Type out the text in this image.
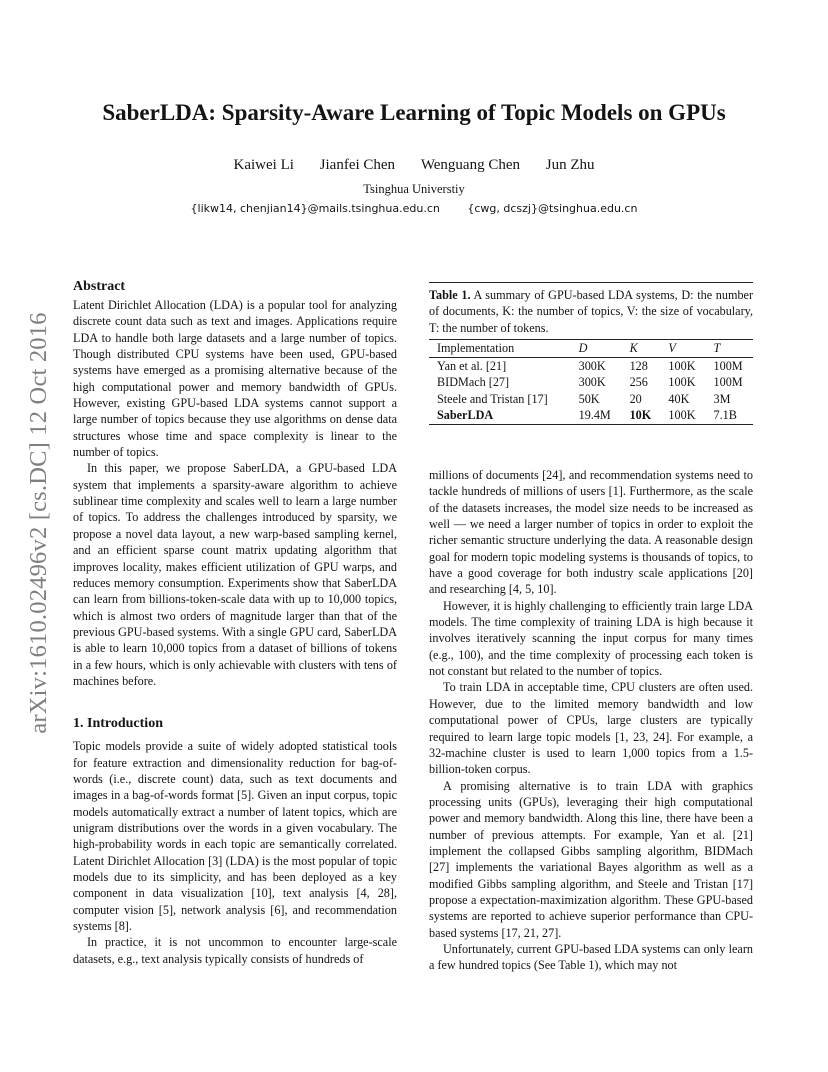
arXiv:1610.02496v2 [cs.DC] 12 Oct 2016
SaberLDA: Sparsity-Aware Learning of Topic Models on GPUs
Kaiwei Li Jianfei Chen Wenguang Chen Jun Zhu
Tsinghua Universtiy
{likw14, chenjian14}@mails.tsinghua.edu.cn	{cwg, dcszj}@tsinghua.edu.cn
Abstract

Latent Dirichlet Allocation (LDA) is a popular tool for analyzing discrete count data such as text and images. Applications require LDA to handle both large datasets and a large number of topics. Though distributed CPU systems have been used, GPU-based systems have emerged as a promising alternative because of the high computational power and memory bandwidth of GPUs. However, existing GPU-based LDA systems cannot support a large number of topics because they use algorithms on dense data structures whose time and space complexity is linear to the number of topics.

In this paper, we propose SaberLDA, a GPU-based LDA system that implements a sparsity-aware algorithm to achieve sublinear time complexity and scales well to learn a large number of topics. To address the challenges introduced by sparsity, we propose a novel data layout, a new warp-based sampling kernel, and an efficient sparse count matrix updating algorithm that improves locality, makes efficient utilization of GPU warps, and reduces memory consumption. Experiments show that SaberLDA can learn from billions-token-scale data with up to 10,000 topics, which is almost two orders of magnitude larger than that of the previous GPU-based systems. With a single GPU card, SaberLDA is able to learn 10,000 topics from a dataset of billions of tokens in a few hours, which is only achievable with clusters with tens of machines before.

1. Introduction

Topic models provide a suite of widely adopted statistical tools for feature extraction and dimensionality reduction for bag-of-words (i.e., discrete count) data, such as text documents and images in a bag-of-words format [5]. Given an input corpus, topic models automatically extract a number of latent topics, which are unigram distributions over the words in a given vocabulary. The high-probability words in each topic are semantically correlated. Latent Dirichlet Allocation [3] (LDA) is the most popular of topic models due to its simplicity, and has been deployed as a key component in data visualization [10], text analysis [4, 28], computer vision [5], network analysis [6], and recommendation systems [8].

In practice, it is not uncommon to encounter large-scale datasets, e.g., text analysis typically consists of hundreds of

Table 1. A summary of GPU-based LDA systems, D: the number of documents, K: the number of topics, V: the size of vocabulary, T: the number of tokens.
Implementation	D	K	V	T
Yan et al. [21]	300K	128	100K	100M
BIDMach [27]	300K	256	100K	100M
Steele and Tristan [17]	50K	20	40K	3M
SaberLDA	19.4M	10K	100K	7.1B

millions of documents [24], and recommendation systems need to tackle hundreds of millions of users [1]. Furthermore, as the scale of the datasets increases, the model size needs to be increased as well — we need a larger number of topics in order to exploit the richer semantic structure underlying the data. A reasonable design goal for modern topic modeling systems is thousands of topics, to have a good coverage for both industry scale applications [20] and researching [4, 5, 10].

However, it is highly challenging to efficiently train large LDA models. The time complexity of training LDA is high because it involves iteratively scanning the input corpus for many times (e.g., 100), and the time complexity of processing each token is not constant but related to the number of topics.

To train LDA in acceptable time, CPU clusters are often used. However, due to the limited memory bandwidth and low computational power of CPUs, large clusters are typically required to learn large topic models [1, 23, 24]. For example, a 32-machine cluster is used to learn 1,000 topics from a 1.5-billion-token corpus.

A promising alternative is to train LDA with graphics processing units (GPUs), leveraging their high computational power and memory bandwidth. Along this line, there have been a number of previous attempts. For example, Yan et al. [21] implement the collapsed Gibbs sampling algorithm, BIDMach [27] implements the variational Bayes algorithm as well as a modified Gibbs sampling algorithm, and Steele and Tristan [17] propose a expectation-maximization algorithm. These GPU-based systems are reported to achieve superior performance than CPU-based systems [17, 21, 27].

Unfortunately, current GPU-based LDA systems can only learn a few hundred topics (See Table 1), which may not
